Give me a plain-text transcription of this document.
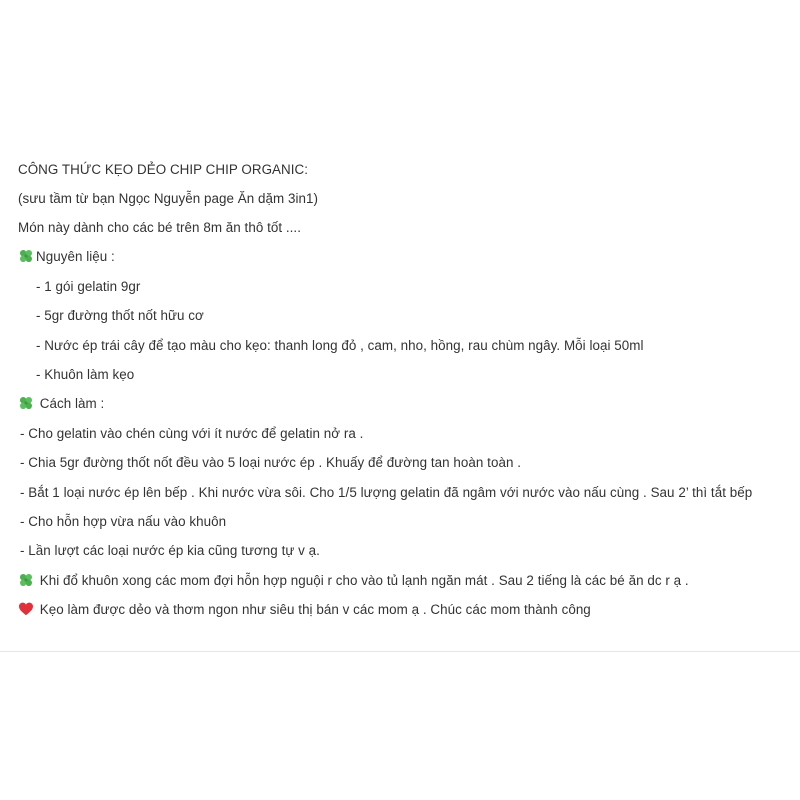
CÔNG THỨC KẸO DẺO CHIP CHIP ORGANIC:
(sưu tầm từ bạn Ngọc Nguyễn page Ăn dặm 3in1)
Món này dành cho các bé trên 8m ăn thô tốt ....
Nguyên liệu :
- 1 gói gelatin 9gr
- 5gr đường thốt nốt hữu cơ
- Nước ép trái cây để tạo màu cho kẹo: thanh long đỏ , cam, nho, hồng, rau chùm ngây. Mỗi loại 50ml
- Khuôn làm kẹo
Cách làm :
- Cho gelatin vào chén cùng với ít nước để gelatin nở ra .
- Chia 5gr đường thốt nốt đều vào 5 loại nước ép . Khuấy để đường tan hoàn toàn .
- Bắt 1 loại nước ép lên bếp . Khi nước vừa sôi. Cho 1/5 lượng gelatin đã ngâm với nước vào nấu cùng . Sau 2’ thì tắt bếp
- Cho hỗn hợp vừa nấu vào khuôn
- Lần lượt các loại nước ép kia cũng tương tự v ạ.
Khi đổ khuôn xong các mom đợi hỗn hợp nguội r cho vào tủ lạnh ngăn mát . Sau 2 tiếng là các bé ăn dc r ạ .
Kẹo làm được dẻo và thơm ngon như siêu thị bán v các mom ạ . Chúc các mom thành công
